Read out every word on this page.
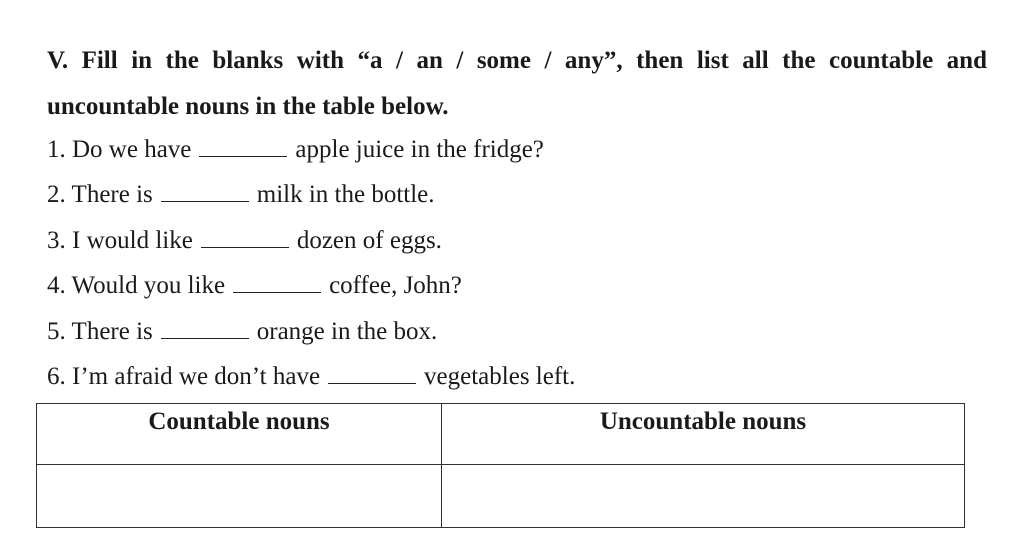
V. Fill in the blanks with “a / an / some / any”, then list all the countable and uncountable nouns in the table below.
1. Do we have	apple juice in the fridge?
2. There is	milk in the bottle.
3. I would like	dozen of eggs.
4. Would you like	coffee, John?
5. There is	orange in the box.
6. I’m afraid we don’t have	vegetables left.
Countable nouns	Uncountable nouns
